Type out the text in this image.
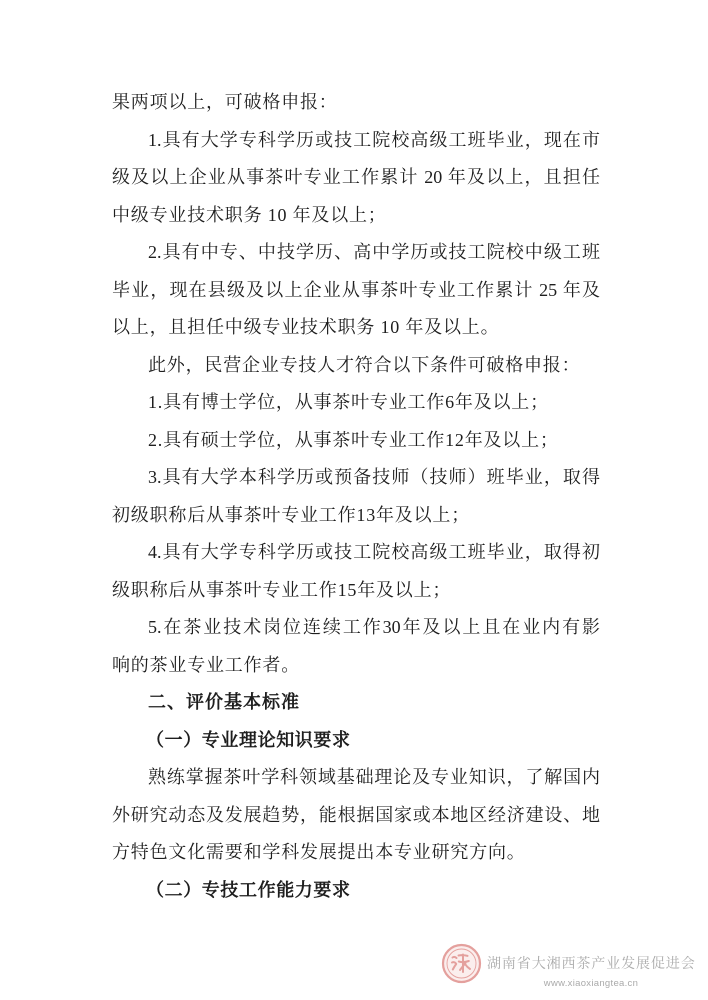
果两项以上，可破格申报：
1.具有大学专科学历或技工院校高级工班毕业，现在市
级及以上企业从事茶叶专业工作累计 20 年及以上，且担任
中级专业技术职务 10 年及以上；
2.具有中专、中技学历、高中学历或技工院校中级工班
毕业，现在县级及以上企业从事茶叶专业工作累计 25 年及
以上，且担任中级专业技术职务 10 年及以上。
此外，民营企业专技人才符合以下条件可破格申报：
1.具有博士学位，从事茶叶专业工作6年及以上；
2.具有硕士学位，从事茶叶专业工作12年及以上；
3.具有大学本科学历或预备技师（技师）班毕业，取得
初级职称后从事茶叶专业工作13年及以上；
4.具有大学专科学历或技工院校高级工班毕业，取得初
级职称后从事茶叶专业工作15年及以上；
5.在茶业技术岗位连续工作30年及以上且在业内有影
响的茶业专业工作者。
二、评价基本标准
（一）专业理论知识要求
熟练掌握茶叶学科领域基础理论及专业知识，了解国内
外研究动态及发展趋势，能根据国家或本地区经济建设、地
方特色文化需要和学科发展提出本专业研究方向。
（二）专技工作能力要求
湖南省大湘西茶产业发展促进会
www.xiaoxiangtea.cn
